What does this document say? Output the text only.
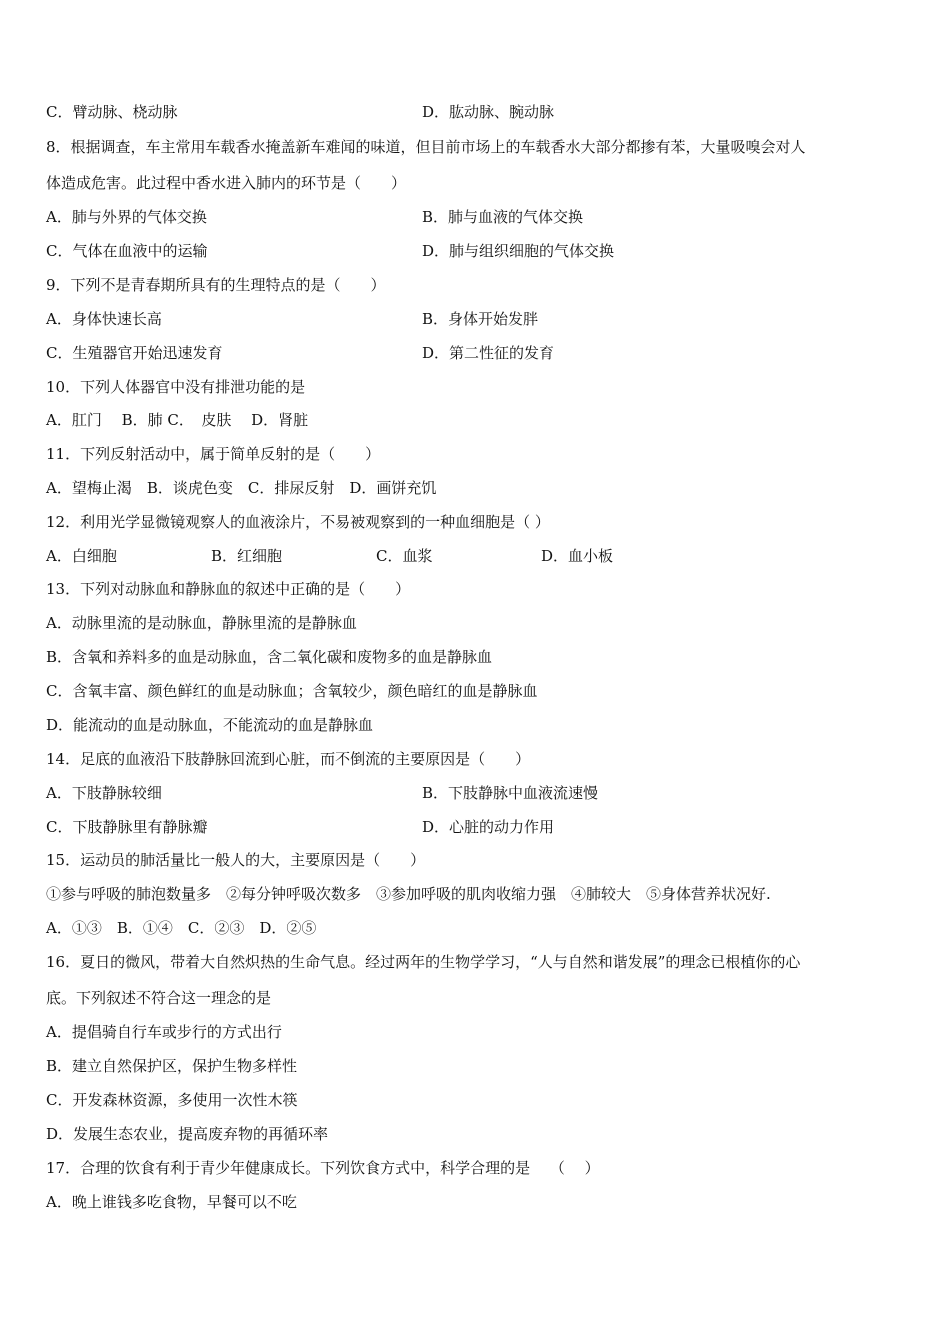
C．臂动脉、桡动脉	D．肱动脉、腕动脉
8．根据调查，车主常用车载香水掩盖新车难闻的味道，但目前市场上的车载香水大部分都掺有苯，大量吸嗅会对人
体造成危害。此过程中香水进入肺内的环节是（　　）
A．肺与外界的气体交换	B．肺与血液的气体交换
C．气体在血液中的运输	D．肺与组织细胞的气体交换
9．下列不是青春期所具有的生理特点的是（　　）
A．身体快速长高	B．身体开始发胖
C．生殖器官开始迅速发育	D．第二性征的发育
10．下列人体器官中没有排泄功能的是
A．肛门　 B．肺 C．　皮肤　 D．肾脏
11．下列反射活动中，属于简单反射的是（　　）
A．望梅止渴　B．谈虎色变　C．排尿反射　D．画饼充饥
12．利用光学显微镜观察人的血液涂片，不易被观察到的一种血细胞是（ ）
A．白细胞	B．红细胞	C．血浆	D．血小板
13．下列对动脉血和静脉血的叙述中正确的是（　　）
A．动脉里流的是动脉血，静脉里流的是静脉血
B．含氧和养料多的血是动脉血，含二氧化碳和废物多的血是静脉血
C．含氧丰富、颜色鲜红的血是动脉血；含氧较少，颜色暗红的血是静脉血
D．能流动的血是动脉血，不能流动的血是静脉血
14．足底的血液沿下肢静脉回流到心脏，而不倒流的主要原因是（　　）
A．下肢静脉较细	B．下肢静脉中血液流速慢
C．下肢静脉里有静脉瓣	D．心脏的动力作用
15．运动员的肺活量比一般人的大，主要原因是（　　）
①参与呼吸的肺泡数量多　②每分钟呼吸次数多　③参加呼吸的肌肉收缩力强　④肺较大　⑤身体营养状况好.
A．①③　B．①④　C．②③　D．②⑤
16．夏日的微风，带着大自然炽热的生命气息。经过两年的生物学学习，“人与自然和谐发展”的理念已根植你的心
底。下列叙述不符合这一理念的是
A．提倡骑自行车或步行的方式出行
B．建立自然保护区，保护生物多样性
C．开发森林资源，多使用一次性木筷
D．发展生态农业，提高废弃物的再循环率
17．合理的饮食有利于青少年健康成长。下列饮食方式中，科学合理的是　 （　 ）
A．晚上谁钱多吃食物，早餐可以不吃
